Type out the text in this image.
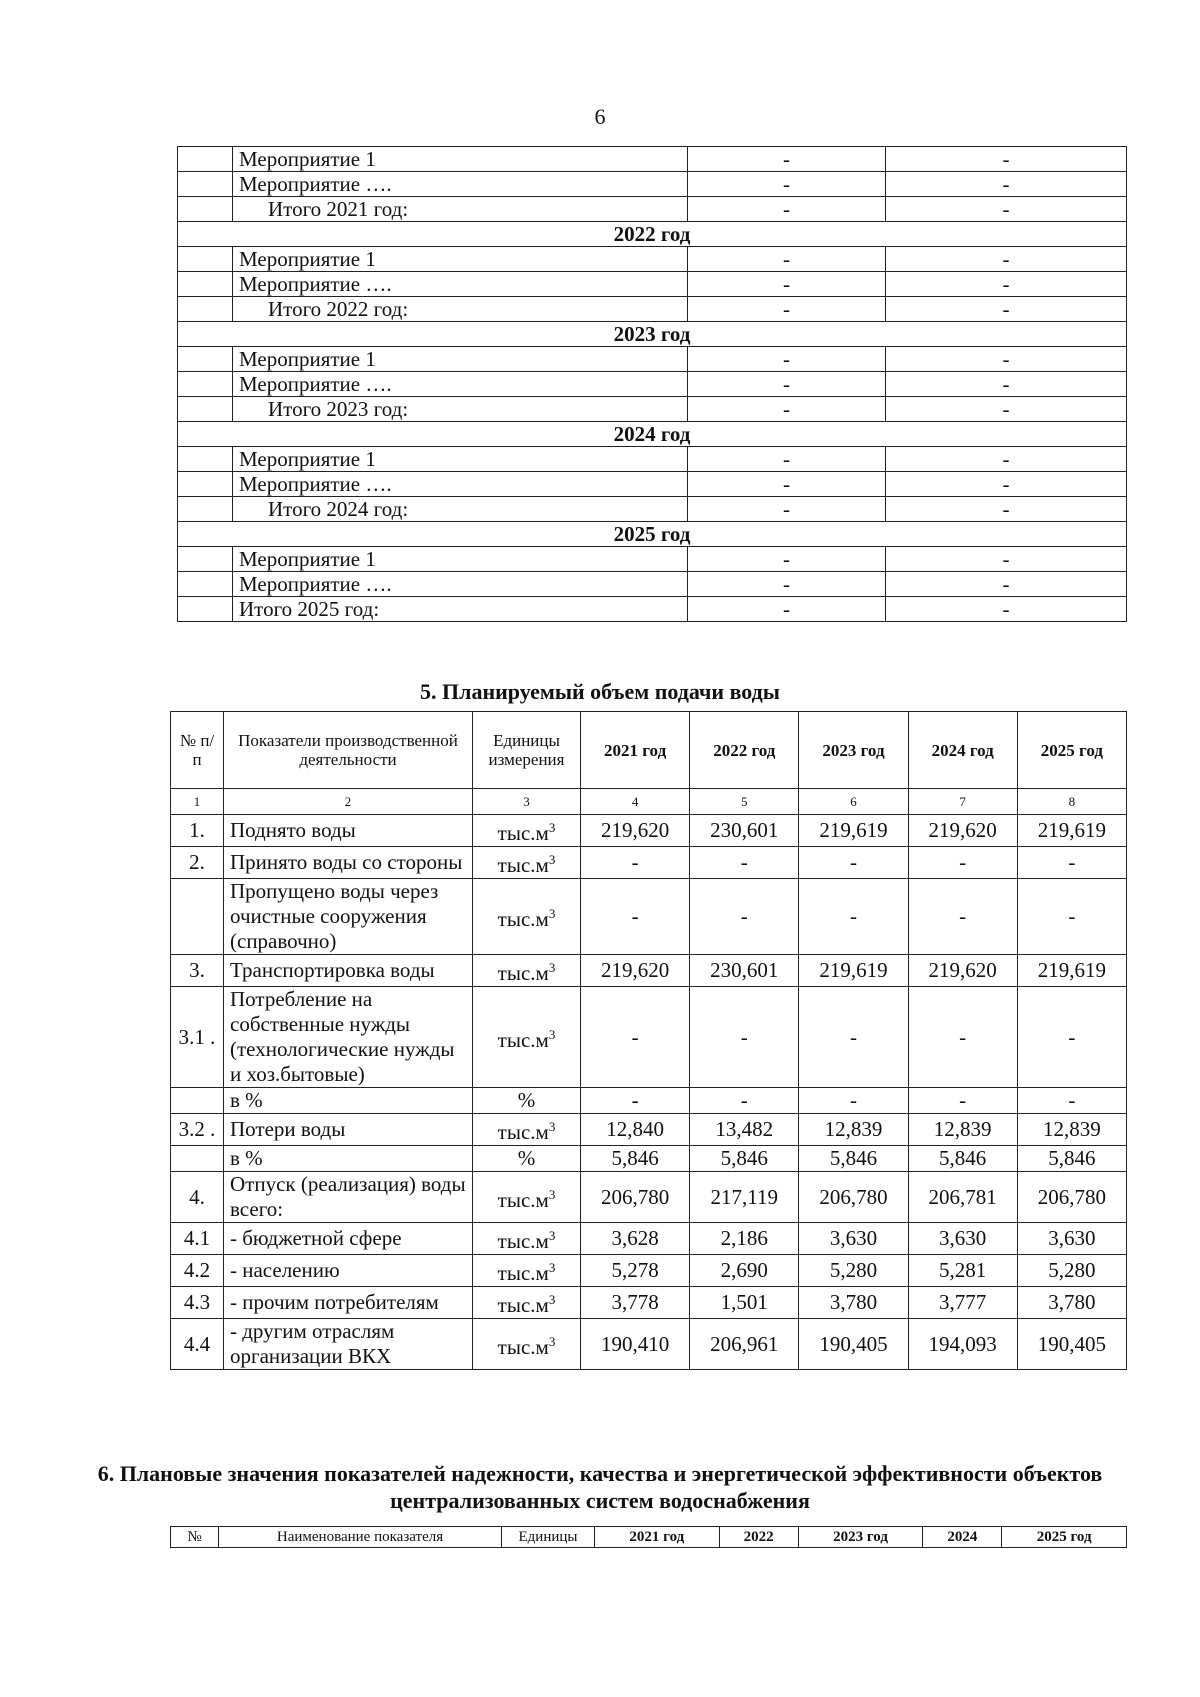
6
	Мероприятие 1	-	-
	Мероприятие ….	-	-
	Итого 2021 год:	-	-
2022 год			
	Мероприятие 1	-	-
	Мероприятие ….	-	-
	Итого 2022 год:	-	-
2023 год			
	Мероприятие 1	-	-
	Мероприятие ….	-	-
	Итого 2023 год:	-	-
2024 год			
	Мероприятие 1	-	-
	Мероприятие ….	-	-
	Итого 2024 год:	-	-
2025 год			
	Мероприятие 1	-	-
	Мероприятие ….	-	-
	Итого 2025 год:	-	-
5. Планируемый объем подачи воды
№ п/п	Показатели производственной деятельности	Единицы измерения	2021 год	2022 год	2023 год	2024 год	2025 год
1	2	3	4	5	6	7	8
1.	Поднято воды	$тыс.м^3$	219,620	230,601	219,619	219,620	219,619
2.	Принято воды со стороны	$тыс.м^3$	-	-	-	-	-
	Пропущено воды через очистные сооружения (справочно)	$тыс.м^3$	-	-	-	-	-
3.	Транспортировка воды	$тыс.м^3$	219,620	230,601	219,619	219,620	219,619
3.1 .	Потребление на собственные нужды (технологические нужды и хоз.бытовые)	$тыс.м^3$	-	-	-	-	-
	в %	%	-	-	-	-	-
3.2 .	Потери воды	$тыс.м^3$	12,840	13,482	12,839	12,839	12,839
	в %	%	5,846	5,846	5,846	5,846	5,846
4.	Отпуск (реализация) воды всего:	$тыс.м^3$	206,780	217,119	206,780	206,781	206,780
4.1	- бюджетной сфере	$тыс.м^3$	3,628	2,186	3,630	3,630	3,630
4.2	- населению	$тыс.м^3$	5,278	2,690	5,280	5,281	5,280
4.3	- прочим потребителям	$тыс.м^3$	3,778	1,501	3,780	3,777	3,780
4.4	- другим отраслям организации ВКХ	$тыс.м^3$	190,410	206,961	190,405	194,093	190,405
6. Плановые значения показателей надежности, качества и энергетической эффективности объектов централизованных систем водоснабжения
№	Наименование показателя	Единицы	2021 год	2022	2023 год	2024	2025 год
